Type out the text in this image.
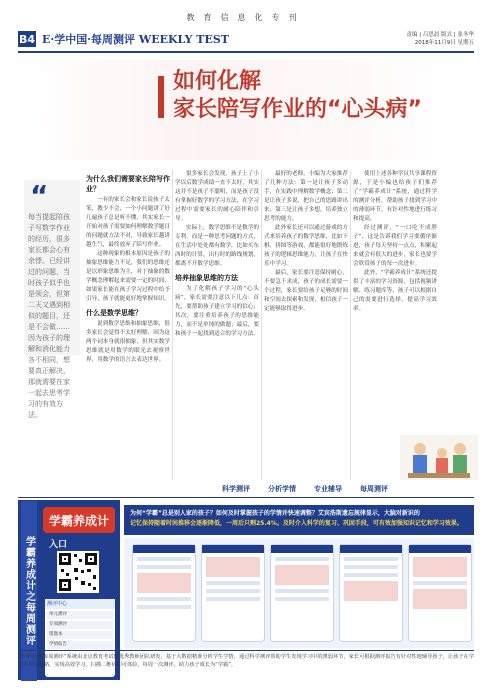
教育信息化专刊
B4 E·学中国·每周测评 WEEKLY TEST	责编 | 吕思晨 版式 | 张冬华
2018年11月9日 星期五
如何化解
家长陪写作业的“心头病”
“
每当提起陪孩子写数学作业的经历，很多家长都会心有余悸。已经讲过的问题，当时孩子似乎也是领会，但第二天又遇到相似的题目，还是不会做……因为孩子的理解和消化能力各不相同，想要真正解决，那就需要在家一起去思考学习的有效方法。
为什么我们需要家长陪写作业？

一有的家长会和家长说孩子太笨，教少不会，一个小问题讲了好几遍孩子总是听不懂，其实家长一开始对孩子需要如何理解数学题目的问题就方法不对，导致家长越讲越生气，最终放弃了陪写作业。

这种现象的根本原因是孩子的抽象思维能力不足，我们的思维还是以形象思维为主，对于抽象的数学概念理解起来需要一定的时间，如果家长能在孩子学习过程中给予引导，孩子就能更好地掌握知识。

什么是数学思维？

说到数学思维和抽象思维，很多家长会觉得不太好理解，因为这两个词本身就很抽象，但其实数学思维就是用数学的眼光去观察世界，用数学的语言去表达世界。

很多家长会发现，孩子上了小学以后数学成绩一直不太好，其实这并不是孩子不聪明，而是孩子没有掌握好数学的学习方法，在学习过程中需要家长的耐心陪伴和引导。

实际上，数学思维不是数学的专利，而是一种思考问题的方式，在生活中处处都有数学，比如买东西时的计算，出行时的路线规划，都离不开数学思维。

培养抽象思维的方法

为了化解孩子学习的“心头病”，家长需要注意以下几点：首先，要帮助孩子建立学习的信心；其次，要注重培养孩子的思维能力，而不是单纯的做题；最后，要和孩子一起找到适合的学习方法。

最好的老师，小编为大家推荐了几种方法：第一是让孩子多动手，在实践中理解数学概念；第二是让孩子多说，把自己的思路讲出来；第三是让孩子多想，培养独立思考的能力。

此外家长还可以通过游戏的方式来培养孩子的数学思维，比如下棋、拼图等游戏，都能很好地锻炼孩子的逻辑思维能力，让孩子在快乐中学习。

最后，家长要注意保持耐心，不要急于求成，孩子的成长需要一个过程，家长要给孩子足够的时间和空间去探索和发现，相信孩子一定能够取得进步。

使用上述各种学员共享课程资源，于是小编也给孩子们推荐了“学霸养成计”系统，通过科学的测评分析，帮助孩子找到学习中的薄弱环节，有针对性地进行练习和提高。

经过测评，“一口吃不成胖子”，这是告诉我们学习要循序渐进，孩子每天坚持一点点，积累起来就会有很大的进步，家长也要学会欣赏孩子的每一次进步。

此外，“学霸养成计”系统还提供了丰富的学习资源，包括视频讲解、练习题库等，孩子可以根据自己的需要进行选择，提高学习效率。

科学测评	分析学情	专业辅导	每周测评
学霸养成计之每周测评
学霸养成计
入口
测评中心
单元测评
专项测评
错题本
学情报告
为何“学霸”总是别人家的孩子？如何及时掌握孩子的学情并快速调整？艾宾浩斯遗忘规律显示，大脑对新识的
记忆保持随着时间推移会逐渐降低，一周后只剩25.4%。及时介入科学的复习、巩固手段，可有效加强知识记忆和学习效果。
“E·学中国·每周测评”系统由北京教育考试院优秀教师团队研发，基于大数据精准分析学生学情，通过科学测评帮助学生发现学习中的薄弱环节，家长可根据测评报告有针对性地辅导孩子，让孩子在学习中少走弯路，实现高效学习。扫描二维码即可体验，每周一次测评，助力孩子成长为“学霸”。
